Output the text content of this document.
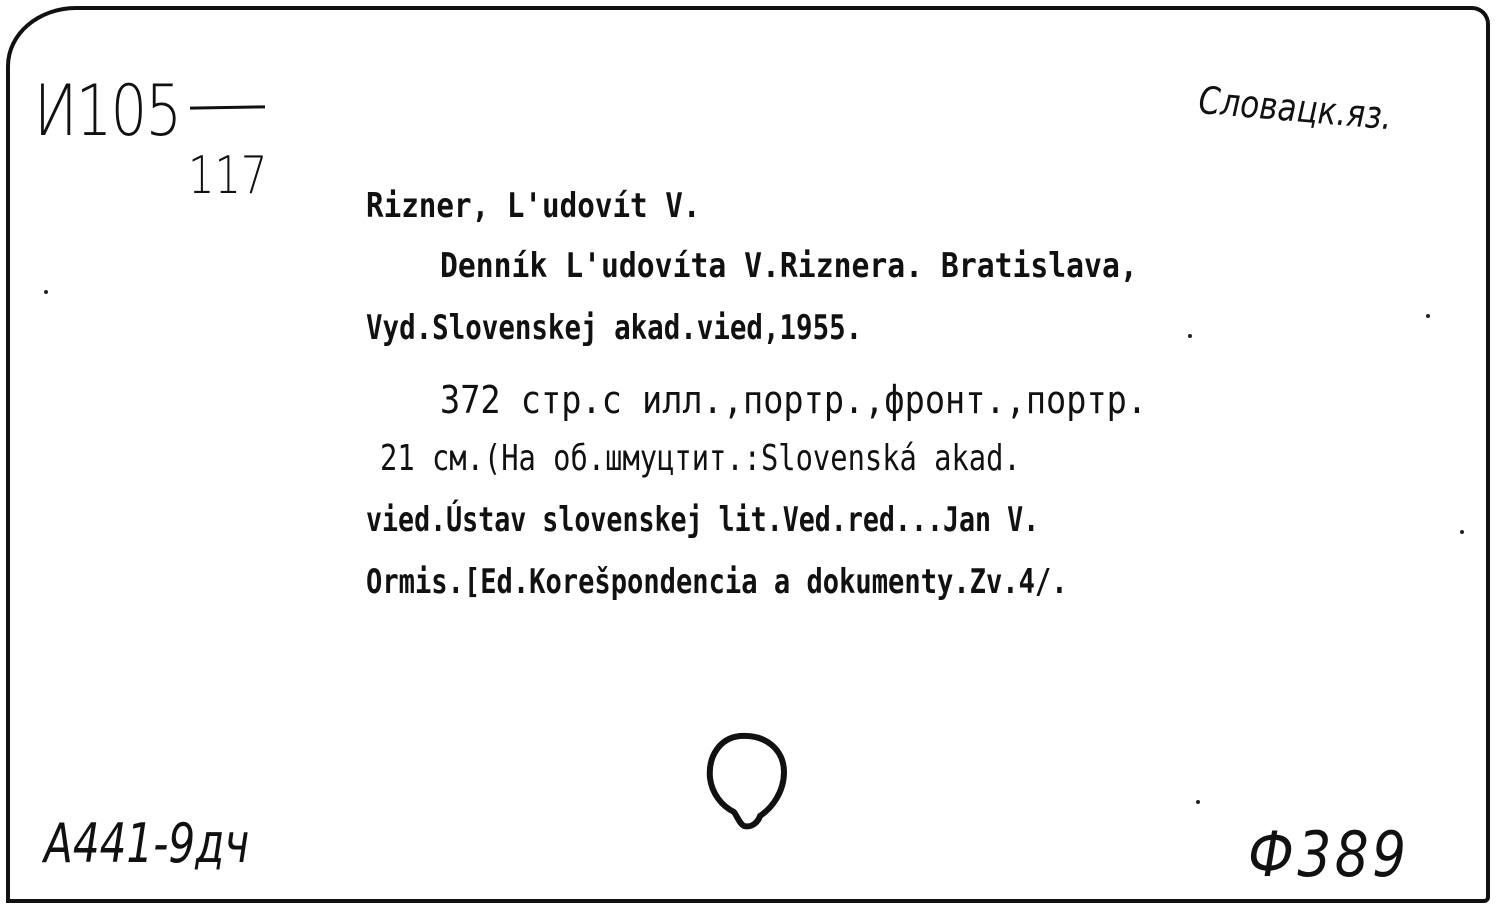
И105
117
Словацк.яз.
Rizner, L'udovít V.
Denník L'udovíta V.Riznera. Bratislava,
Vyd.Slovenskej akad.vied,1955.
372 стр.с илл.,портр.,фронт.,портр.
21 см.(На об.шмуцтит.:Slovenská akad.
vied.Ústav slovenskej lit.Ved.red...Jan V.
Ormis.[Ed.Korešpondencia a dokumenty.Zv.4/.
А441-9дч	Ф389
